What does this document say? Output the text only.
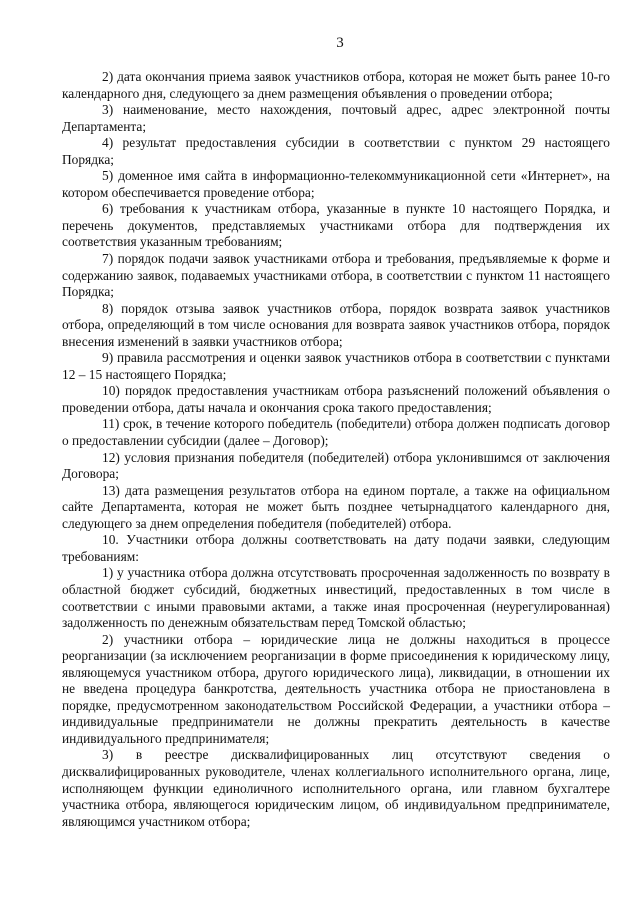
3

2) дата окончания приема заявок участников отбора, которая не может быть ранее 10-го календарного дня, следующего за днем размещения объявления о проведении отбора;

3) наименование, место нахождения, почтовый адрес, адрес электронной почты Департамента;

4) результат предоставления субсидии в соответствии с пунктом 29 настоящего Порядка;

5) доменное имя сайта в информационно-телекоммуникационной сети «Интернет», на котором обеспечивается проведение отбора;

6) требования к участникам отбора, указанные в пункте 10 настоящего Порядка, и перечень документов, представляемых участниками отбора для подтверждения их соответствия указанным требованиям;

7) порядок подачи заявок участниками отбора и требования, предъявляемые к форме и содержанию заявок, подаваемых участниками отбора, в соответствии с пунктом 11 настоящего Порядка;

8) порядок отзыва заявок участников отбора, порядок возврата заявок участников отбора, определяющий в том числе основания для возврата заявок участников отбора, порядок внесения изменений в заявки участников отбора;

9) правила рассмотрения и оценки заявок участников отбора в соответствии с пунктами 12 – 15 настоящего Порядка;

10) порядок предоставления участникам отбора разъяснений положений объявления о проведении отбора, даты начала и окончания срока такого предоставления;

11) срок, в течение которого победитель (победители) отбора должен подписать договор о предоставлении субсидии (далее – Договор);

12) условия признания победителя (победителей) отбора уклонившимся от заключения Договора;

13) дата размещения результатов отбора на едином портале, а также на официальном сайте Департамента, которая не может быть позднее четырнадцатого календарного дня, следующего за днем определения победителя (победителей) отбора.

10. Участники отбора должны соответствовать на дату подачи заявки, следующим требованиям:

1) у участника отбора должна отсутствовать просроченная задолженность по возврату в областной бюджет субсидий, бюджетных инвестиций, предоставленных в том числе в соответствии с иными правовыми актами, а также иная просроченная (неурегулированная) задолженность по денежным обязательствам перед Томской областью;

2) участники отбора – юридические лица не должны находиться в процессе реорганизации (за исключением реорганизации в форме присоединения к юридическому лицу, являющемуся участником отбора, другого юридического лица), ликвидации, в отношении их не введена процедура банкротства, деятельность участника отбора не приостановлена в порядке, предусмотренном законодательством Российской Федерации, а участники отбора – индивидуальные предприниматели не должны прекратить деятельность в качестве индивидуального предпринимателя;

3) в реестре дисквалифицированных лиц отсутствуют сведения о дисквалифицированных руководителе, членах коллегиального исполнительного органа, лице, исполняющем функции единоличного исполнительного органа, или главном бухгалтере участника отбора, являющегося юридическим лицом, об индивидуальном предпринимателе, являющимся участником отбора;
